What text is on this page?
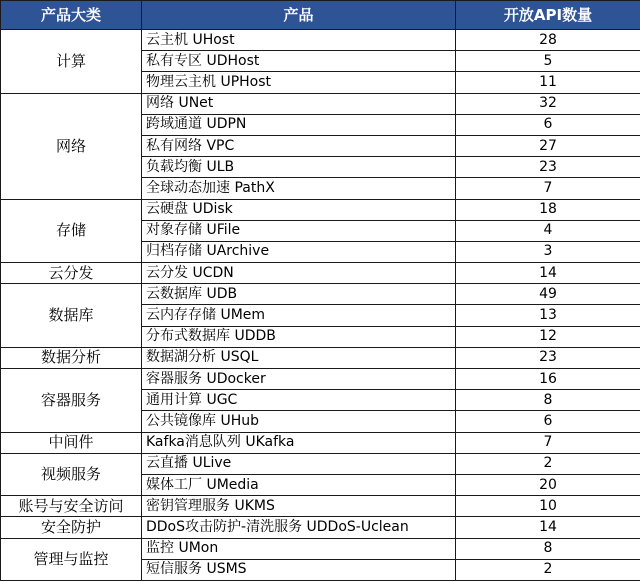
产品大类	产品	开放API数量
计算	云主机 UHost	28
	私有专区 UDHost	5
	物理云主机 UPHost	11
网络	网络 UNet	32
	跨域通道 UDPN	6
	私有网络 VPC	27
	负载均衡 ULB	23
	全球动态加速 PathX	7
存储	云硬盘 UDisk	18
	对象存储 UFile	4
	归档存储 UArchive	3
云分发	云分发 UCDN	14
数据库	云数据库 UDB	49
	云内存存储 UMem	13
	分布式数据库 UDDB	12
数据分析	数据湖分析 USQL	23
容器服务	容器服务 UDocker	16
	通用计算 UGC	8
	公共镜像库 UHub	6
中间件	Kafka消息队列 UKafka	7
视频服务	云直播 ULive	2
	媒体工厂 UMedia	20
账号与安全访问	密钥管理服务 UKMS	10
安全防护	DDoS攻击防护-清洗服务 UDDoS-Uclean	14
管理与监控	监控 UMon	8
	短信服务 USMS	2
